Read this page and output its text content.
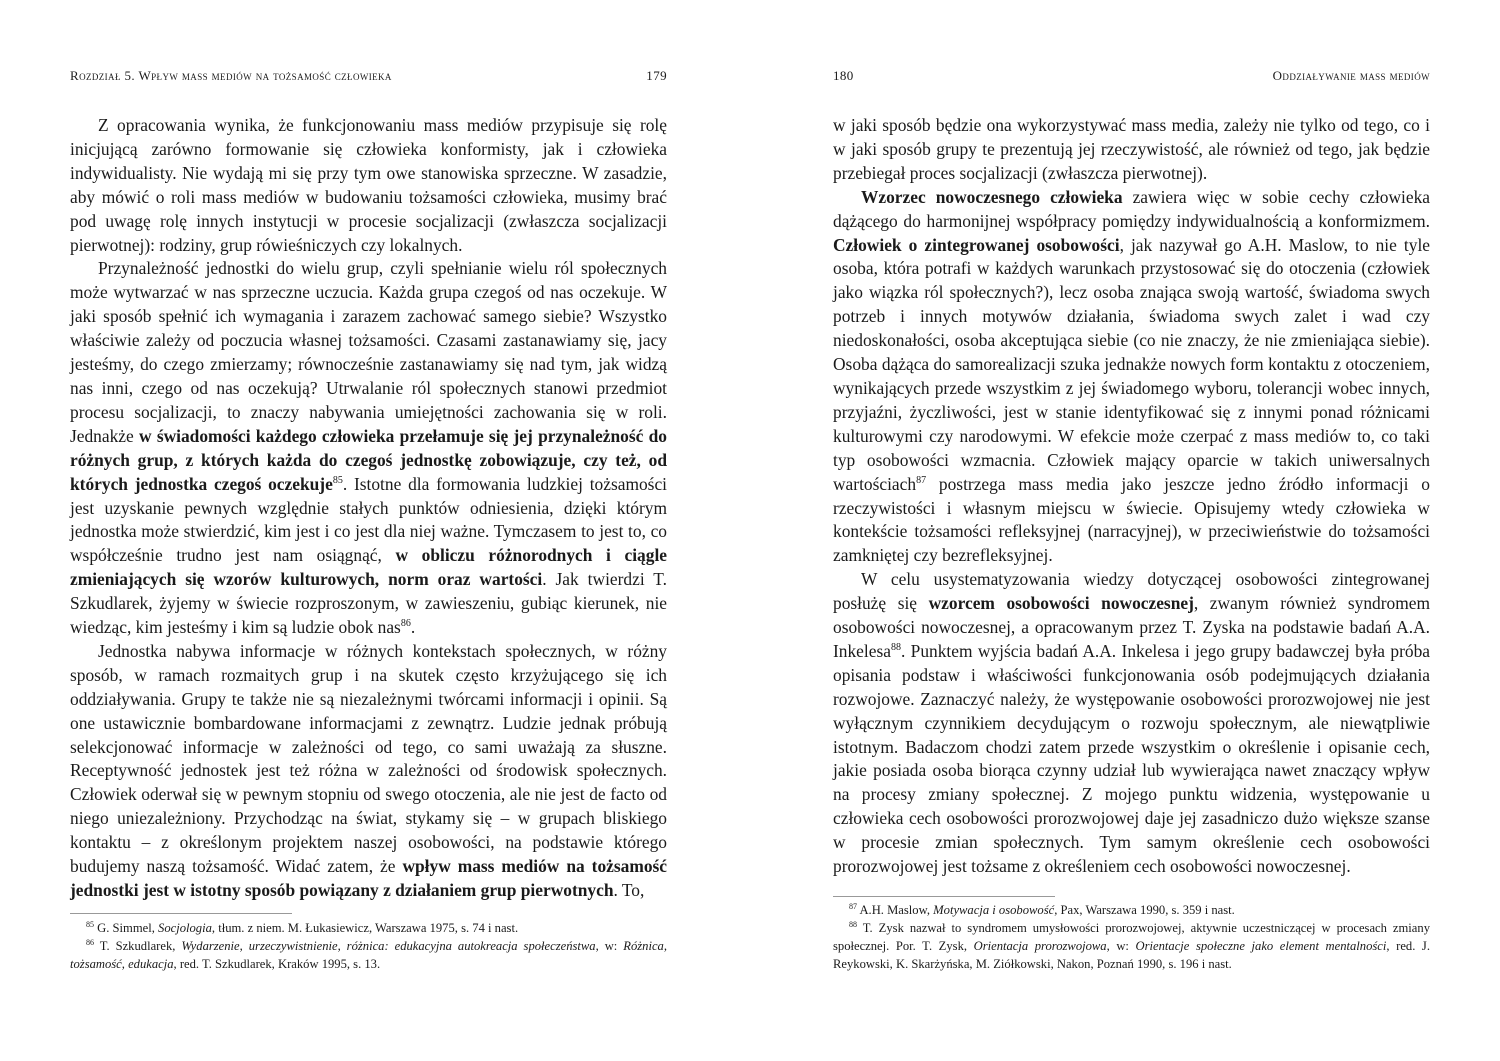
Rozdział 5. Wpływ mass mediów na tożsamość człowieka	179

Z opracowania wynika, że funkcjonowaniu mass mediów przypisuje się rolę inicjującą zarówno formowanie się człowieka konformisty, jak i człowieka indywidualisty. Nie wydają mi się przy tym owe stanowiska sprzeczne. W zasadzie, aby mówić o roli mass mediów w budowaniu tożsamości człowieka, musimy brać pod uwagę rolę innych instytucji w procesie socjalizacji (zwłaszcza socjalizacji pierwotnej): rodziny, grup rówieśniczych czy lokalnych.

Przynależność jednostki do wielu grup, czyli spełnianie wielu ról społecznych może wytwarzać w nas sprzeczne uczucia. Każda grupa czegoś od nas oczekuje. W jaki sposób spełnić ich wymagania i zarazem zachować samego siebie? Wszystko właściwie zależy od poczucia własnej tożsamości. Czasami zastanawiamy się, jacy jesteśmy, do czego zmierzamy; równocześnie zastanawiamy się nad tym, jak widzą nas inni, czego od nas oczekują? Utrwalanie ról społecznych stanowi przedmiot procesu socjalizacji, to znaczy nabywania umiejętności zachowania się w roli. Jednakże w świadomości każdego człowieka przełamuje się jej przynależność do różnych grup, z których każda do czegoś jednostkę zobowiązuje, czy też, od których jednostka czegoś oczekuje$^{85}$. Istotne dla formowania ludzkiej tożsamości jest uzyskanie pewnych względnie stałych punktów odniesienia, dzięki którym jednostka może stwierdzić, kim jest i co jest dla niej ważne. Tymczasem to jest to, co współcześnie trudno jest nam osiągnąć, w obliczu różnorodnych i ciągle zmieniających się wzorów kulturowych, norm oraz wartości. Jak twierdzi T. Szkudlarek, żyjemy w świecie rozproszonym, w zawieszeniu, gubiąc kierunek, nie wiedząc, kim jesteśmy i kim są ludzie obok nas$^{86}$.

Jednostka nabywa informacje w różnych kontekstach społecznych, w różny sposób, w ramach rozmaitych grup i na skutek często krzyżującego się ich oddziaływania. Grupy te także nie są niezależnymi twórcami informacji i opinii. Są one ustawicznie bombardowane informacjami z zewnątrz. Ludzie jednak próbują selekcjonować informacje w zależności od tego, co sami uważają za słuszne. Receptywność jednostek jest też różna w zależności od środowisk społecznych. Człowiek oderwał się w pewnym stopniu od swego otoczenia, ale nie jest de facto od niego uniezależniony. Przychodząc na świat, stykamy się – w grupach bliskiego kontaktu – z określonym projektem naszej osobowości, na podstawie którego budujemy naszą tożsamość. Widać zatem, że wpływ mass mediów na tożsamość jednostki jest w istotny sposób powiązany z działaniem grup pierwotnych. To,

$^{85}$ G. Simmel, Socjologia, tłum. z niem. M. Łukasiewicz, Warszawa 1975, s. 74 i nast.

$^{86}$ T. Szkudlarek, Wydarzenie, urzeczywistnienie, różnica: edukacyjna autokreacja społeczeństwa, w: Różnica, tożsamość, edukacja, red. T. Szkudlarek, Kraków 1995, s. 13.

180	Oddziaływanie mass mediów

w jaki sposób będzie ona wykorzystywać mass media, zależy nie tylko od tego, co i w jaki sposób grupy te prezentują jej rzeczywistość, ale również od tego, jak będzie przebiegał proces socjalizacji (zwłaszcza pierwotnej).

Wzorzec nowoczesnego człowieka zawiera więc w sobie cechy człowieka dążącego do harmonijnej współpracy pomiędzy indywidualnością a konformizmem. Człowiek o zintegrowanej osobowości, jak nazywał go A.H. Maslow, to nie tyle osoba, która potrafi w każdych warunkach przystosować się do otoczenia (człowiek jako wiązka ról społecznych?), lecz osoba znająca swoją wartość, świadoma swych potrzeb i innych motywów działania, świadoma swych zalet i wad czy niedoskonałości, osoba akceptująca siebie (co nie znaczy, że nie zmieniająca siebie). Osoba dążąca do samorealizacji szuka jednakże nowych form kontaktu z otoczeniem, wynikających przede wszystkim z jej świadomego wyboru, tolerancji wobec innych, przyjaźni, życzliwości, jest w stanie identyfikować się z innymi ponad różnicami kulturowymi czy narodowymi. W efekcie może czerpać z mass mediów to, co taki typ osobowości wzmacnia. Człowiek mający oparcie w takich uniwersalnych wartościach$^{87}$ postrzega mass media jako jeszcze jedno źródło informacji o rzeczywistości i własnym miejscu w świecie. Opisujemy wtedy człowieka w kontekście tożsamości refleksyjnej (narracyjnej), w przeciwieństwie do tożsamości zamkniętej czy bezrefleksyjnej.

W celu usystematyzowania wiedzy dotyczącej osobowości zintegrowanej posłużę się wzorcem osobowości nowoczesnej, zwanym również syndromem osobowości nowoczesnej, a opracowanym przez T. Zyska na podstawie badań A.A. Inkelesa$^{88}$. Punktem wyjścia badań A.A. Inkelesa i jego grupy badawczej była próba opisania podstaw i właściwości funkcjonowania osób podejmujących działania rozwojowe. Zaznaczyć należy, że występowanie osobowości prorozwojowej nie jest wyłącznym czynnikiem decydującym o rozwoju społecznym, ale niewątpliwie istotnym. Badaczom chodzi zatem przede wszystkim o określenie i opisanie cech, jakie posiada osoba biorąca czynny udział lub wywierająca nawet znaczący wpływ na procesy zmiany społecznej. Z mojego punktu widzenia, występowanie u człowieka cech osobowości prorozwojowej daje jej zasadniczo dużo większe szanse w procesie zmian społecznych. Tym samym określenie cech osobowości prorozwojowej jest tożsame z określeniem cech osobowości nowoczesnej.

$^{87}$ A.H. Maslow, Motywacja i osobowość, Pax, Warszawa 1990, s. 359 i nast.

$^{88}$ T. Zysk nazwał to syndromem umysłowości prorozwojowej, aktywnie uczestniczącej w procesach zmiany społecznej. Por. T. Zysk, Orientacja prorozwojowa, w: Orientacje społeczne jako element mentalności, red. J. Reykowski, K. Skarżyńska, M. Ziółkowski, Nakon, Poznań 1990, s. 196 i nast.
